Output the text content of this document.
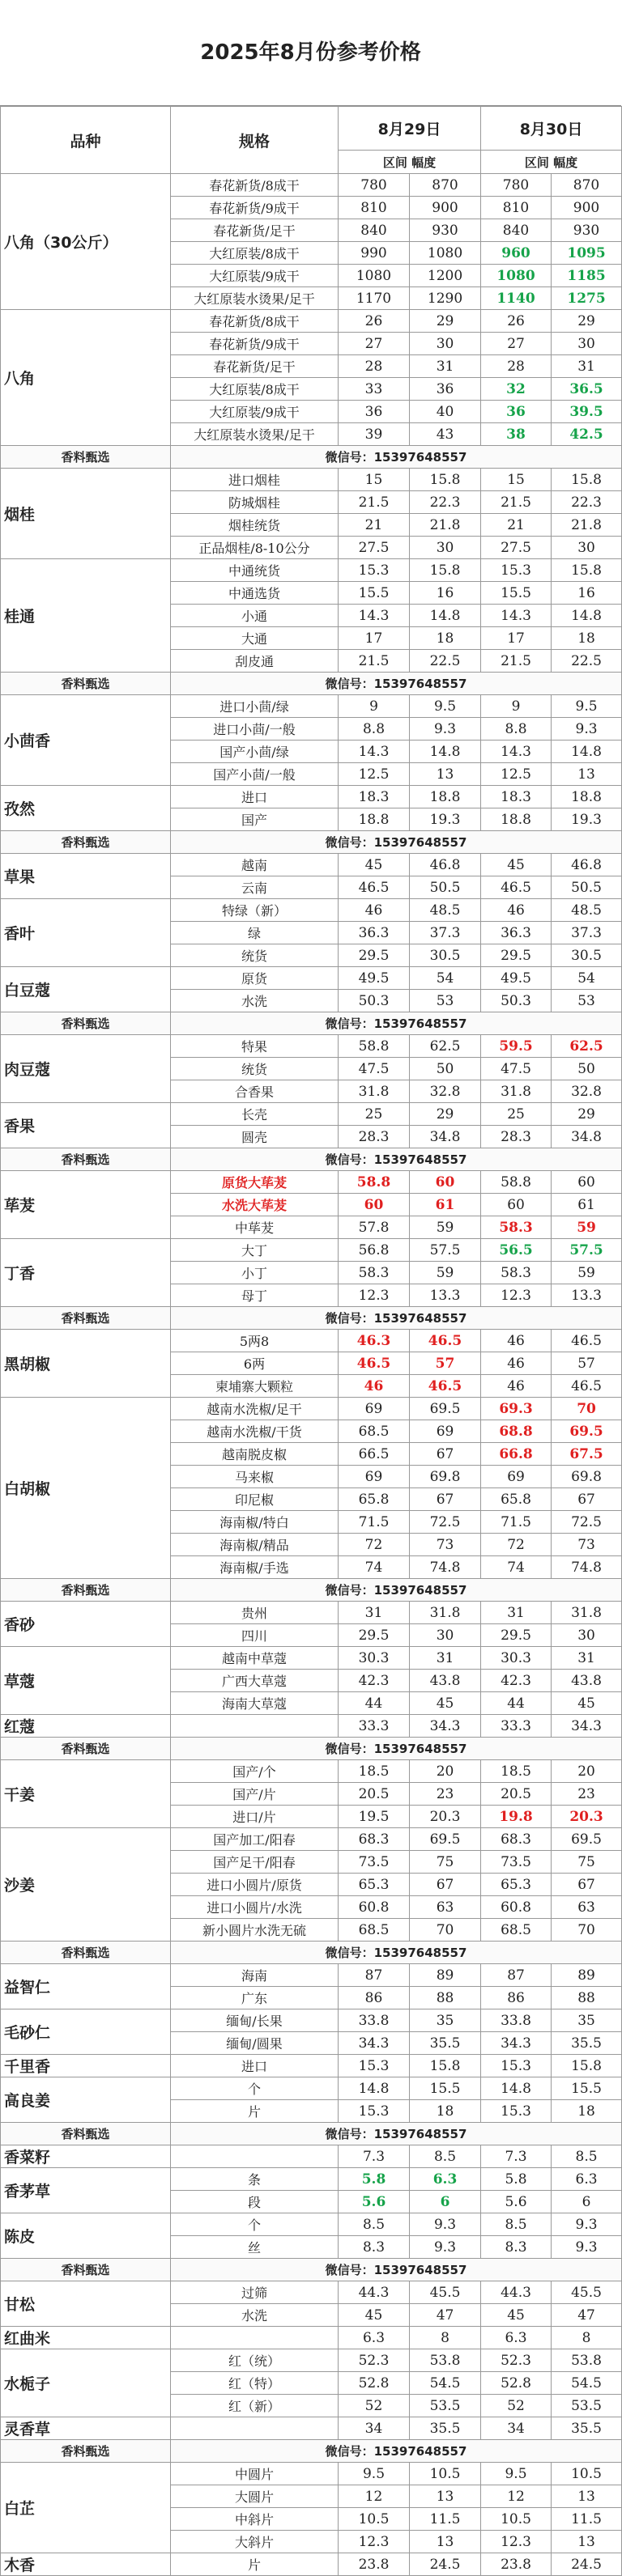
2025年8月份参考价格
品种	规格	8月29日		8月30日	
		区间 幅度		区间 幅度	
八角（30公斤）	春花新货/8成干	780	870	780	870
	春花新货/9成干	810	900	810	900
	春花新货/足干	840	930	840	930
	大红原装/8成干	990	1080	960	1095
	大红原装/9成干	1080	1200	1080	1185
	大红原装水烫果/足干	1170	1290	1140	1275
八角	春花新货/8成干	26	29	26	29
	春花新货/9成干	27	30	27	30
	春花新货/足干	28	31	28	31
	大红原装/8成干	33	36	32	36.5
	大红原装/9成干	36	40	36	39.5
	大红原装水烫果/足干	39	43	38	42.5
香料甄选	微信号：15397648557				
烟桂	进口烟桂	15	15.8	15	15.8
	防城烟桂	21.5	22.3	21.5	22.3
	烟桂统货	21	21.8	21	21.8
	正品烟桂/8-10公分	27.5	30	27.5	30
桂通	中通统货	15.3	15.8	15.3	15.8
	中通选货	15.5	16	15.5	16
	小通	14.3	14.8	14.3	14.8
	大通	17	18	17	18
	刮皮通	21.5	22.5	21.5	22.5
香料甄选	微信号：15397648557				
小茴香	进口小茴/绿	9	9.5	9	9.5
	进口小茴/一般	8.8	9.3	8.8	9.3
	国产小茴/绿	14.3	14.8	14.3	14.8
	国产小茴/一般	12.5	13	12.5	13
孜然	进口	18.3	18.8	18.3	18.8
	国产	18.8	19.3	18.8	19.3
香料甄选	微信号：15397648557				
草果	越南	45	46.8	45	46.8
	云南	46.5	50.5	46.5	50.5
香叶	特绿（新）	46	48.5	46	48.5
	绿	36.3	37.3	36.3	37.3
	统货	29.5	30.5	29.5	30.5
白豆蔻	原货	49.5	54	49.5	54
	水洗	50.3	53	50.3	53
香料甄选	微信号：15397648557				
肉豆蔻	特果	58.8	62.5	59.5	62.5
	统货	47.5	50	47.5	50
	合香果	31.8	32.8	31.8	32.8
香果	长壳	25	29	25	29
	圆壳	28.3	34.8	28.3	34.8
香料甄选	微信号：15397648557				
荜茇	原货大荜茇	58.8	60	58.8	60
	水洗大荜茇	60	61	60	61
	中荜茇	57.8	59	58.3	59
丁香	大丁	56.8	57.5	56.5	57.5
	小丁	58.3	59	58.3	59
	母丁	12.3	13.3	12.3	13.3
香料甄选	微信号：15397648557				
黑胡椒	5两8	46.3	46.5	46	46.5
	6两	46.5	57	46	57
	柬埔寨大颗粒	46	46.5	46	46.5
白胡椒	越南水洗椒/足干	69	69.5	69.3	70
	越南水洗椒/干货	68.5	69	68.8	69.5
	越南脱皮椒	66.5	67	66.8	67.5
	马来椒	69	69.8	69	69.8
	印尼椒	65.8	67	65.8	67
	海南椒/特白	71.5	72.5	71.5	72.5
	海南椒/精品	72	73	72	73
	海南椒/手选	74	74.8	74	74.8
香料甄选	微信号：15397648557				
香砂	贵州	31	31.8	31	31.8
	四川	29.5	30	29.5	30
草蔻	越南中草蔻	30.3	31	30.3	31
	广西大草蔻	42.3	43.8	42.3	43.8
	海南大草蔻	44	45	44	45
红蔻		33.3	34.3	33.3	34.3
香料甄选	微信号：15397648557				
干姜	国产/个	18.5	20	18.5	20
	国产/片	20.5	23	20.5	23
	进口/片	19.5	20.3	19.8	20.3
沙姜	国产加工/阳春	68.3	69.5	68.3	69.5
	国产足干/阳春	73.5	75	73.5	75
	进口小圆片/原货	65.3	67	65.3	67
	进口小圆片/水洗	60.8	63	60.8	63
	新小圆片水洗无硫	68.5	70	68.5	70
香料甄选	微信号：15397648557				
益智仁	海南	87	89	87	89
	广东	86	88	86	88
毛砂仁	缅甸/长果	33.8	35	33.8	35
	缅甸/圆果	34.3	35.5	34.3	35.5
千里香	进口	15.3	15.8	15.3	15.8
高良姜	个	14.8	15.5	14.8	15.5
	片	15.3	18	15.3	18
香料甄选	微信号：15397648557				
香菜籽		7.3	8.5	7.3	8.5
香茅草	条	5.8	6.3	5.8	6.3
	段	5.6	6	5.6	6
陈皮	个	8.5	9.3	8.5	9.3
	丝	8.3	9.3	8.3	9.3
香料甄选	微信号：15397648557				
甘松	过筛	44.3	45.5	44.3	45.5
	水洗	45	47	45	47
红曲米		6.3	8	6.3	8
水栀子	红（统）	52.3	53.8	52.3	53.8
	红（特）	52.8	54.5	52.8	54.5
	红（新）	52	53.5	52	53.5
灵香草		34	35.5	34	35.5
香料甄选	微信号：15397648557				
白芷	中圆片	9.5	10.5	9.5	10.5
	大圆片	12	13	12	13
	中斜片	10.5	11.5	10.5	11.5
	大斜片	12.3	13	12.3	13
木香	片	23.8	24.5	23.8	24.5
